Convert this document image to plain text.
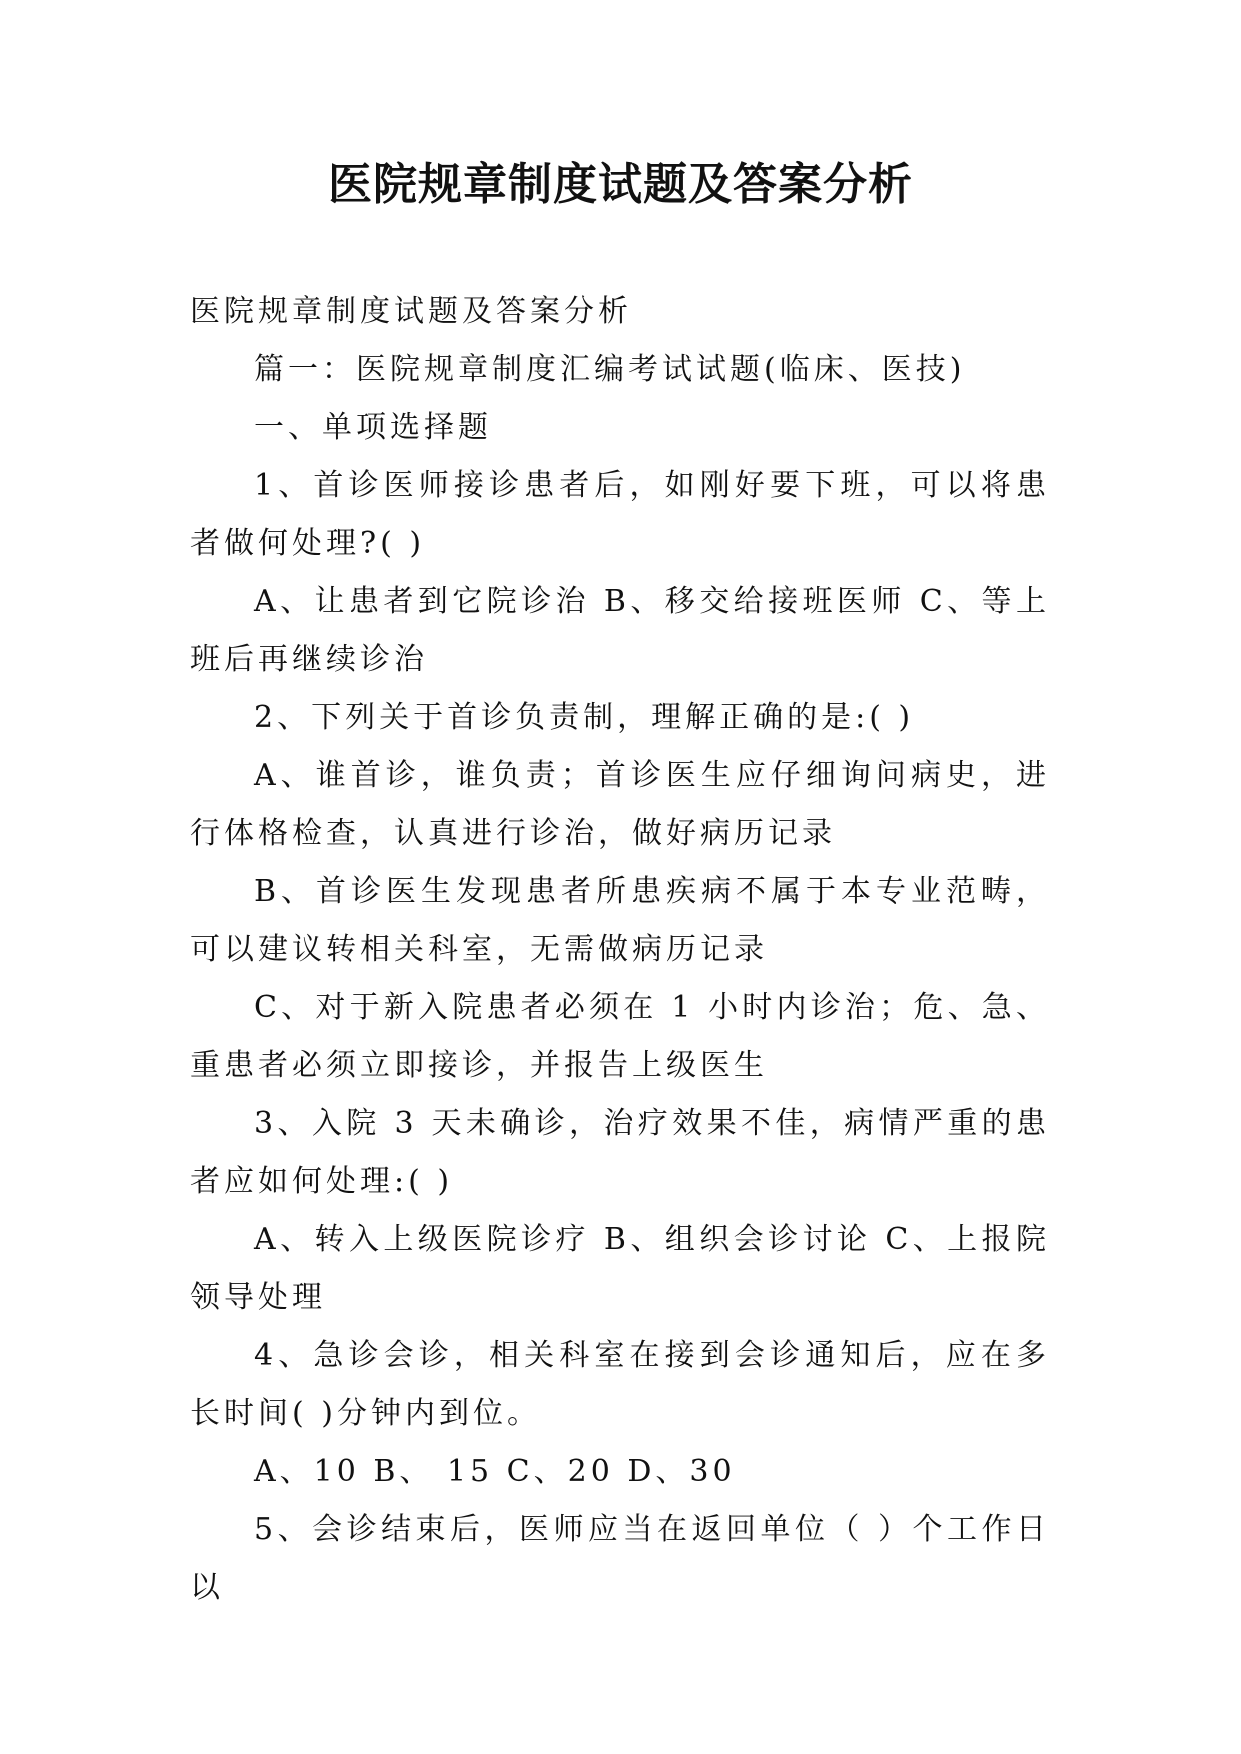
医院规章制度试题及答案分析

医院规章制度试题及答案分析

篇一：医院规章制度汇编考试试题(临床、医技)

一、单项选择题

1、首诊医师接诊患者后，如刚好要下班，可以将患者做何处理?( )

A、让患者到它院诊治 B、移交给接班医师 C、等上班后再继续诊治

2、下列关于首诊负责制，理解正确的是:( )

A、谁首诊，谁负责；首诊医生应仔细询问病史，进行体格检查，认真进行诊治，做好病历记录

B、首诊医生发现患者所患疾病不属于本专业范畴，可以建议转相关科室，无需做病历记录

C、对于新入院患者必须在 1 小时内诊治；危、急、重患者必须立即接诊，并报告上级医生

3、入院 3 天未确诊，治疗效果不佳，病情严重的患者应如何处理:( )

A、转入上级医院诊疗 B、组织会诊讨论 C、上报院领导处理

4、急诊会诊，相关科室在接到会诊通知后，应在多长时间( )分钟内到位。

A、10 B、 15 C、20 D、30

5、会诊结束后，医师应当在返回单位（ ）个工作日以
